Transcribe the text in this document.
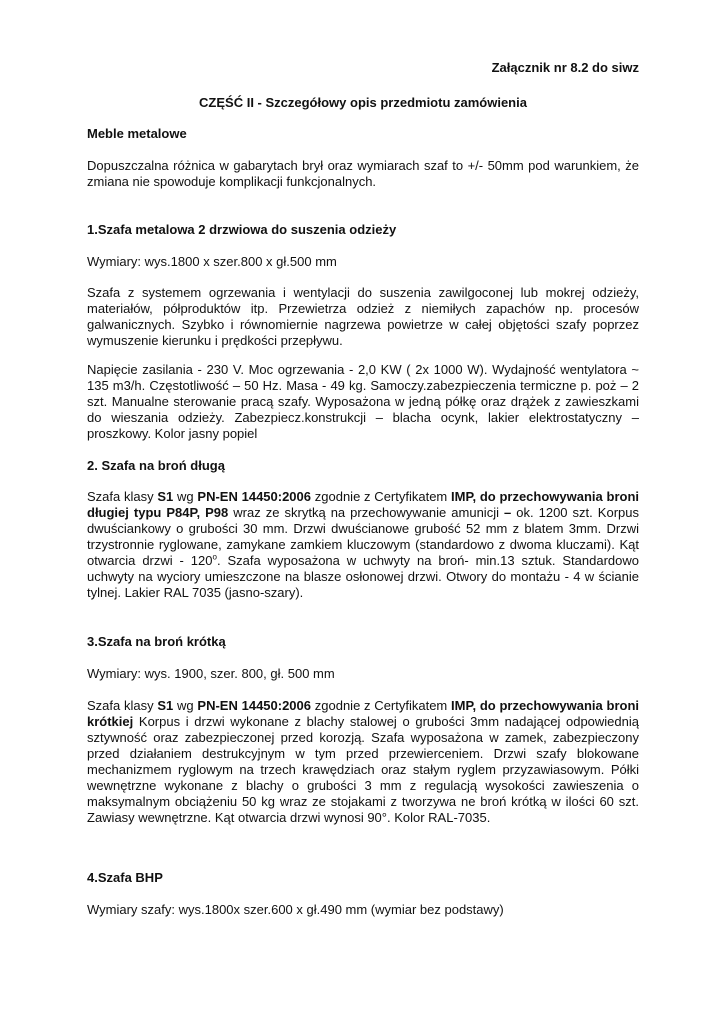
Załącznik nr 8.2 do siwz

CZĘŚĆ II - Szczegółowy opis przedmiotu zamówienia

Meble metalowe

Dopuszczalna różnica w gabarytach brył oraz wymiarach szaf to +/- 50mm pod warunkiem, że zmiana nie spowoduje komplikacji funkcjonalnych.

1.Szafa metalowa 2 drzwiowa do suszenia odzieży

Wymiary: wys.1800 x szer.800 x gł.500 mm

Szafa z systemem ogrzewania i wentylacji do suszenia zawilgoconej lub mokrej odzieży, materiałów, półproduktów itp. Przewietrza odzież z niemiłych zapachów np. procesów galwanicznych. Szybko i równomiernie nagrzewa powietrze w całej objętości szafy poprzez wymuszenie kierunku i prędkości przepływu.

Napięcie zasilania - 230 V. Moc ogrzewania - 2,0 KW ( 2x 1000 W). Wydajność wentylatora ~ 135 m3/h. Częstotliwość – 50 Hz. Masa - 49 kg. Samoczy.zabezpieczenia termiczne p. poż – 2 szt. Manualne sterowanie pracą szafy. Wyposażona w jedną półkę oraz drążek z zawieszkami do wieszania odzieży. Zabezpiecz.konstrukcji – blacha ocynk, lakier elektrostatyczny – proszkowy. Kolor jasny popiel

2. Szafa na broń długą

Szafa klasy S1 wg PN-EN 14450:2006 zgodnie z Certyfikatem IMP, do przechowywania broni długiej typu P84P, P98 wraz ze skrytką na przechowywanie amunicji – ok. 1200 szt. Korpus dwuściankowy o grubości 30 mm. Drzwi dwuścianowe grubość 52 mm z blatem 3mm. Drzwi trzystronnie ryglowane, zamykane zamkiem kluczowym (standardowo z dwoma kluczami). Kąt otwarcia drzwi - 120$^o$. Szafa wyposażona w uchwyty na broń- min.13 sztuk. Standardowo uchwyty na wyciory umieszczone na blasze osłonowej drzwi. Otwory do montażu - 4 w ścianie tylnej. Lakier RAL 7035 (jasno-szary).

3.Szafa na broń krótką

Wymiary: wys. 1900, szer. 800, gł. 500 mm

Szafa klasy S1 wg PN-EN 14450:2006 zgodnie z Certyfikatem IMP, do przechowywania broni krótkiej Korpus i drzwi wykonane z blachy stalowej o grubości 3mm nadającej odpowiednią sztywność oraz zabezpieczonej przed korozją. Szafa wyposażona w zamek, zabezpieczony przed działaniem destrukcyjnym w tym przed przewierceniem. Drzwi szafy blokowane mechanizmem ryglowym na trzech krawędziach oraz stałym ryglem przyzawiasowym. Półki wewnętrzne wykonane z blachy o grubości 3 mm z regulacją wysokości zawieszenia o maksymalnym obciążeniu 50 kg wraz ze stojakami z tworzywa ne broń krótką w ilości 60 szt. Zawiasy wewnętrzne. Kąt otwarcia drzwi wynosi 90°. Kolor RAL-7035.

4.Szafa BHP

Wymiary szafy: wys.1800x szer.600 x gł.490 mm (wymiar bez podstawy)
